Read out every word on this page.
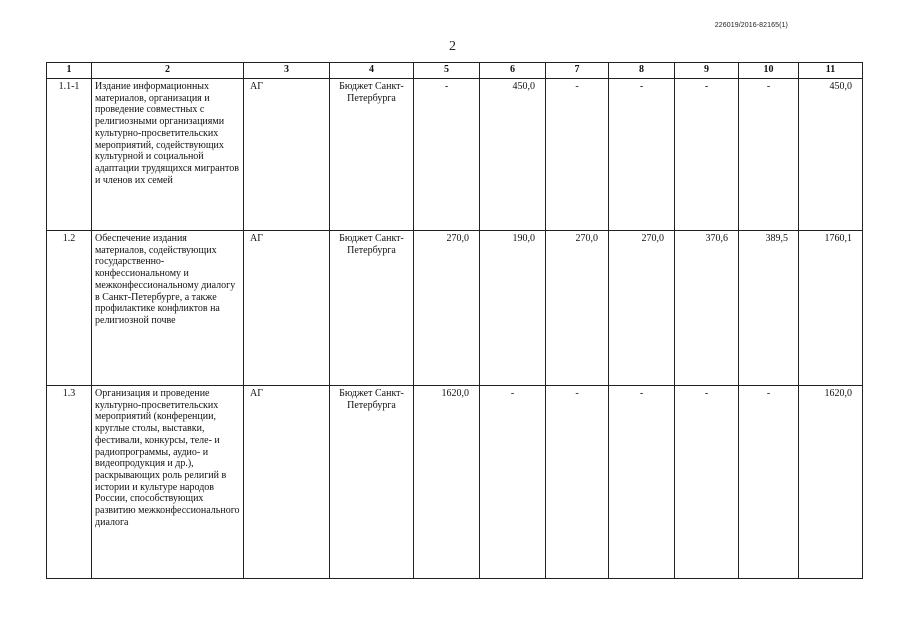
226019/2016-82165(1)
2
1	2	3	4	5	6	7	8	9	10	11
1.1-1	Издание информационных материалов, организация и проведение совместных с религиозными организациями культурно-просветительских мероприятий, содействующих культурной и социальной адаптации трудящихся мигрантов и членов их семей	АГ	Бюджет Санкт-Петербурга	-	450,0	-	-	-	-	450,0
1.2	Обеспечение издания материалов, содействующих государственно-конфессиональному и межконфессиональному диалогу в Санкт-Петербурге, а также профилактике конфликтов на религиозной почве	АГ	Бюджет Санкт-Петербурга	270,0	190,0	270,0	270,0	370,6	389,5	1760,1
1.3	Организация и проведение культурно-просветительских мероприятий (конференции, круглые столы, выставки, фестивали, конкурсы, теле- и радиопрограммы, аудио- и видеопродукция и др.), раскрывающих роль религий в истории и культуре народов России, способствующих развитию межконфессионального диалога	АГ	Бюджет Санкт-Петербурга	1620,0	-	-	-	-	-	1620,0
